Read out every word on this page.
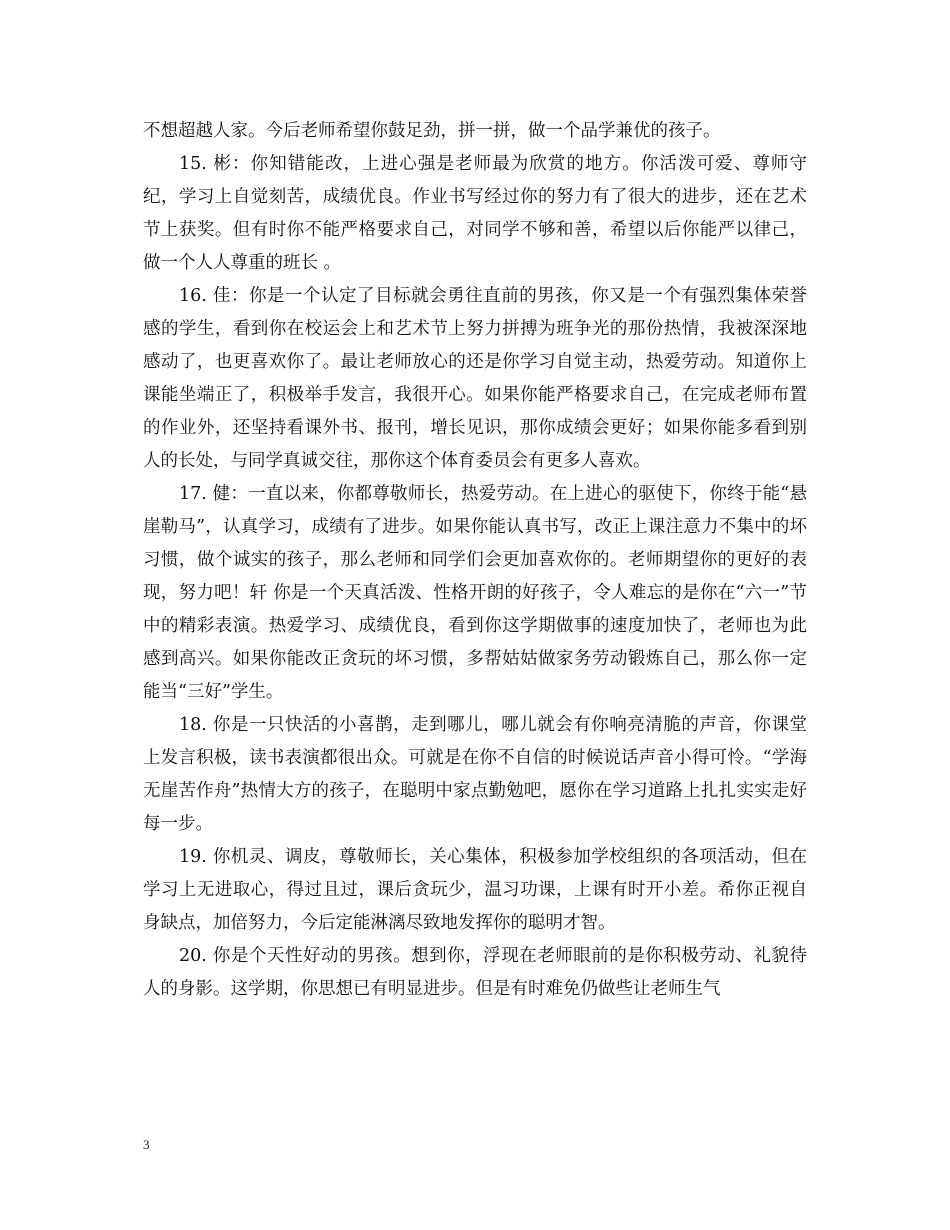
不想超越人家。今后老师希望你鼓足劲，拼一拼，做一个品学兼优的孩子。

15. 彬：你知错能改，上进心强是老师最为欣赏的地方。你活泼可爱、尊师守纪，学习上自觉刻苦，成绩优良。作业书写经过你的努力有了很大的进步，还在艺术节上获奖。但有时你不能严格要求自己，对同学不够和善，希望以后你能严以律己，做一个人人尊重的班长 。

16. 佳：你是一个认定了目标就会勇往直前的男孩，你又是一个有强烈集体荣誉感的学生，看到你在校运会上和艺术节上努力拼搏为班争光的那份热情，我被深深地感动了，也更喜欢你了。最让老师放心的还是你学习自觉主动，热爱劳动。知道你上课能坐端正了，积极举手发言，我很开心。如果你能严格要求自己，在完成老师布置的作业外，还坚持看课外书、报刊，增长见识，那你成绩会更好；如果你能多看到别人的长处，与同学真诚交往，那你这个体育委员会有更多人喜欢。

17. 健：一直以来，你都尊敬师长，热爱劳动。在上进心的驱使下，你终于能“悬崖勒马”，认真学习，成绩有了进步。如果你能认真书写，改正上课注意力不集中的坏习惯，做个诚实的孩子，那么老师和同学们会更加喜欢你的。老师期望你的更好的表现，努力吧！轩 你是一个天真活泼、性格开朗的好孩子，令人难忘的是你在“六一”节中的精彩表演。热爱学习、成绩优良，看到你这学期做事的速度加快了，老师也为此感到高兴。如果你能改正贪玩的坏习惯，多帮姑姑做家务劳动锻炼自己，那么你一定能当“三好”学生。

18. 你是一只快活的小喜鹊，走到哪儿，哪儿就会有你响亮清脆的声音，你课堂上发言积极，读书表演都很出众。可就是在你不自信的时候说话声音小得可怜。“学海无崖苦作舟”热情大方的孩子，在聪明中家点勤勉吧，愿你在学习道路上扎扎实实走好每一步。

19. 你机灵、调皮，尊敬师长，关心集体，积极参加学校组织的各项活动，但在学习上无进取心，得过且过，课后贪玩少，温习功课，上课有时开小差。希你正视自身缺点，加倍努力，今后定能淋漓尽致地发挥你的聪明才智。

20. 你是个天性好动的男孩。想到你，浮现在老师眼前的是你积极劳动、礼貌待人的身影。这学期，你思想已有明显进步。但是有时难免仍做些让老师生气

3
